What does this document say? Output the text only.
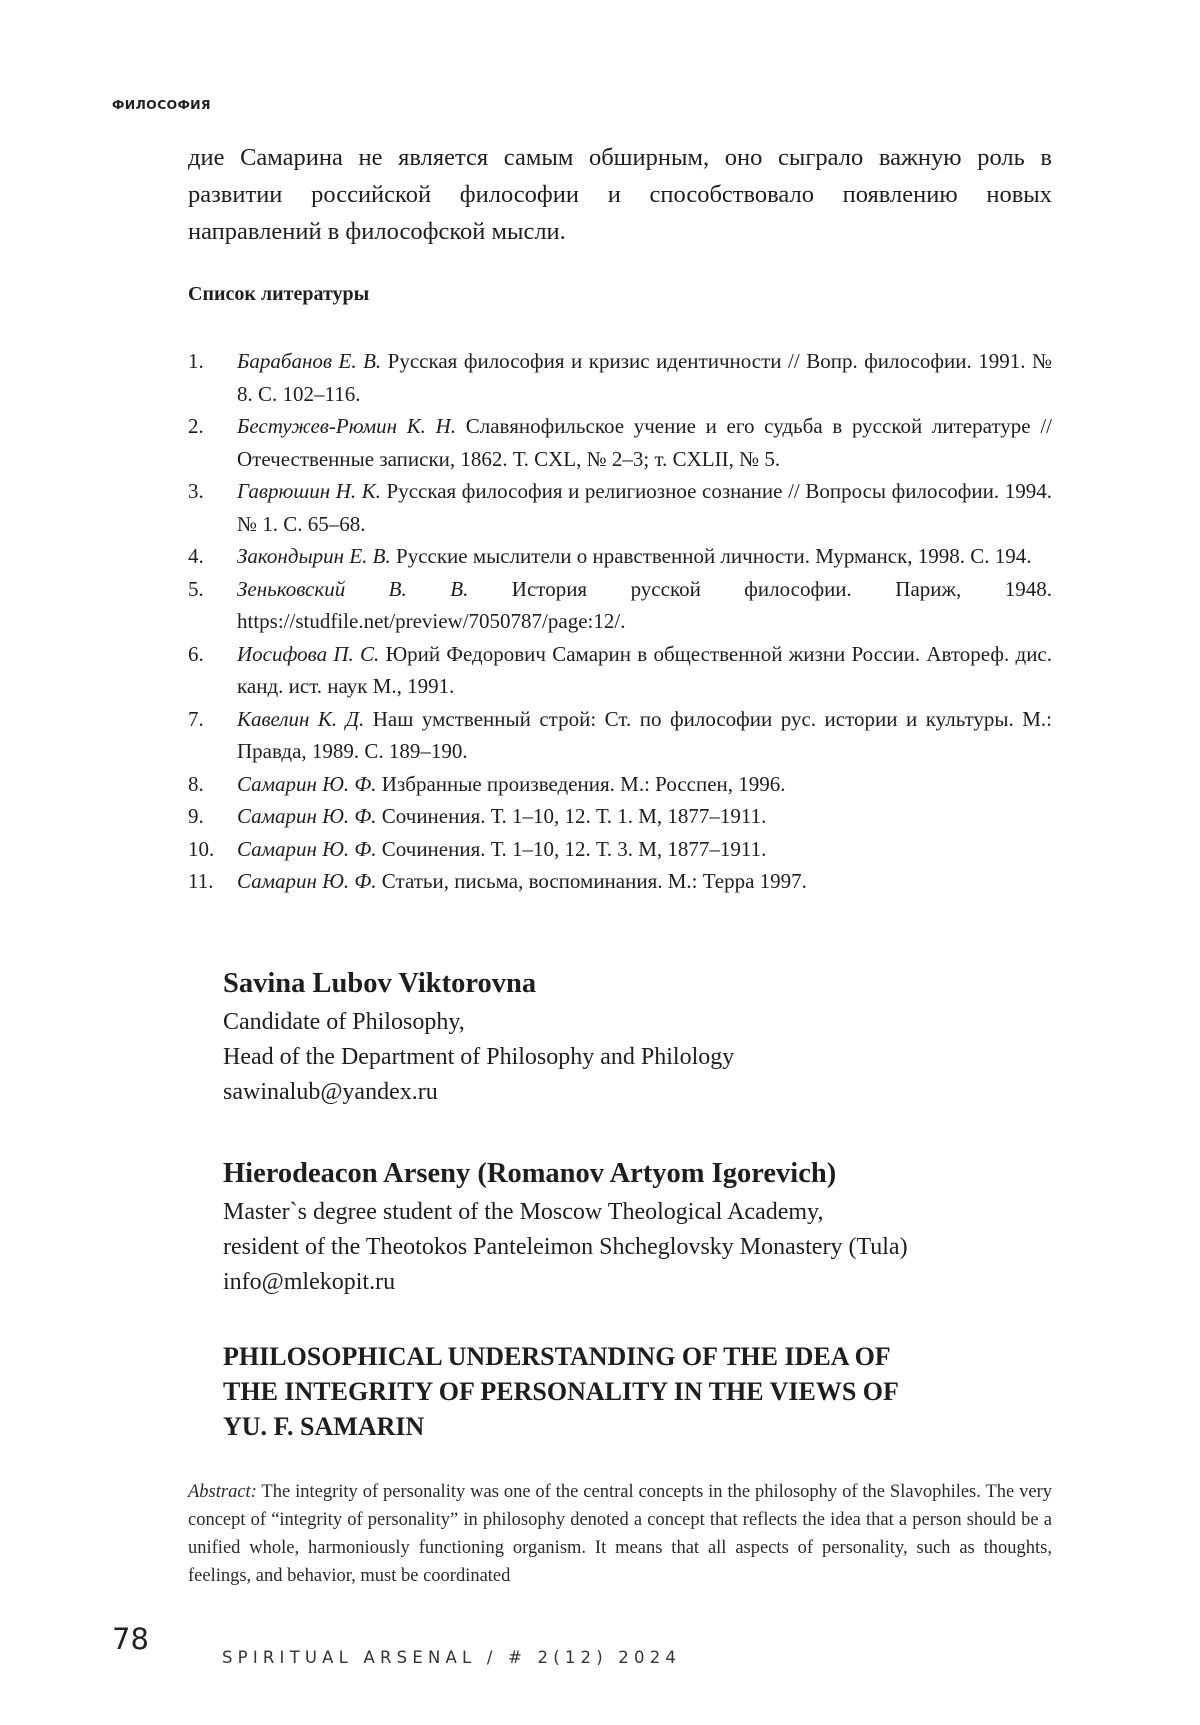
ФИЛОСОФИЯ

дие Самарина не является самым обширным, оно сыграло важную роль в развитии российской философии и способствовало появлению новых направлений в философской мысли.

Список литературы
1.	Барабанов Е. В. Русская философия и кризис идентичности // Вопр. философии. 1991. № 8. С. 102–116.
2.	Бестужев-Рюмин К. Н. Славянофильское учение и его судьба в русской литературе // Отечественные записки, 1862. Т. CXL, № 2–3; т. CXLII, № 5.
3.	Гаврюшин Н. К. Русская философия и религиозное сознание // Вопросы философии. 1994. № 1. С. 65–68.
4.	Закондырин Е. В. Русские мыслители о нравственной личности. Мурманск, 1998. С. 194.
5.	Зеньковский В. В. История русской философии. Париж, 1948. https://studfile.net/preview/7050787/page:12/.
6.	Иосифова П. С. Юрий Федорович Самарин в общественной жизни России. Автореф. дис. канд. ист. наук М., 1991.
7.	Кавелин К. Д. Наш умственный строй: Ст. по философии рус. истории и культуры. М.: Правда, 1989. С. 189–190.
8.	Самарин Ю. Ф. Избранные произведения. М.: Росспен, 1996.
9.	Самарин Ю. Ф. Сочинения. Т. 1–10, 12. Т. 1. М, 1877–1911.
10.	Самарин Ю. Ф. Сочинения. Т. 1–10, 12. Т. 3. М, 1877–1911.
11.	Самарин Ю. Ф. Статьи, письма, воспоминания. М.: Терра 1997.
Savina Lubov Viktorovna
Candidate of Philosophy,
Head of the Department of Philosophy and Philology
sawinalub@yandex.ru
Hierodeacon Arseny (Romanov Artyom Igorevich)
Master`s degree student of the Moscow Theological Academy,
resident of the Theotokos Panteleimon Shcheglovsky Monastery (Tula)
info@mlekopit.ru
PHILOSOPHICAL UNDERSTANDING OF THE IDEA OF
THE INTEGRITY OF PERSONALITY IN THE VIEWS OF
YU. F. SAMARIN

Abstract: The integrity of personality was one of the central concepts in the philosophy of the Slavophiles. The very concept of “integrity of personality” in philosophy denoted a concept that reflects the idea that a person should be a unified whole, harmoniously functioning organism. It means that all aspects of personality, such as thoughts, feelings, and behavior, must be coordinated

78
SPIRITUAL ARSENAL / # 2(12) 2024
